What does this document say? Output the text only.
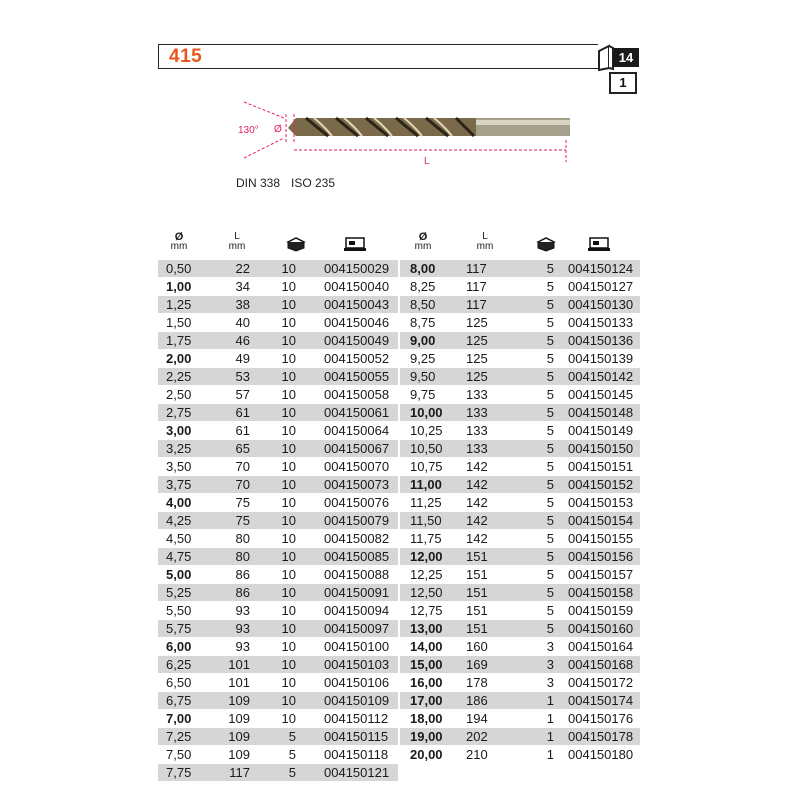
415	14
1
130° Ø
L
DIN 338 ISO 235
Ø
mm
L
mm
0,50	22	10 004150029
1,00	34	10 004150040
1,25	38	10 004150043
1,50	40	10 004150046
1,75	46	10 004150049
2,00	49	10 004150052
2,25	53	10 004150055
2,50	57	10 004150058
2,75	61	10 004150061
3,00	61	10 004150064
3,25	65	10 004150067
3,50	70	10 004150070
3,75	70	10 004150073
4,00	75	10 004150076
4,25	75	10 004150079
4,50	80	10 004150082
4,75	80	10 004150085
5,00	86	10 004150088
5,25	86	10 004150091
5,50	93	10 004150094
5,75	93	10 004150097
6,00	93	10 004150100
6,25	101	10 004150103
6,50	101	10 004150106
6,75	109	10 004150109
7,00	109	10 004150112
7,25	109	5 004150115
7,50	109	5 004150118
7,75	117	5 004150121
Ø
mm
L
mm
8,00	117	5 004150124
8,25	117	5 004150127
8,50	117	5 004150130
8,75	125	5 004150133
9,00	125	5 004150136
9,25	125	5 004150139
9,50	125	5 004150142
9,75	133	5 004150145
10,00	133	5 004150148
10,25	133	5 004150149
10,50	133	5 004150150
10,75	142	5 004150151
11,00	142	5 004150152
11,25	142	5 004150153
11,50	142	5 004150154
11,75	142	5 004150155
12,00	151	5 004150156
12,25	151	5 004150157
12,50	151	5 004150158
12,75	151	5 004150159
13,00	151	5 004150160
14,00	160	3 004150164
15,00	169	3 004150168
16,00	178	3 004150172
17,00	186	1 004150174
18,00	194	1 004150176
19,00	202	1 004150178
20,00	210	1 004150180
